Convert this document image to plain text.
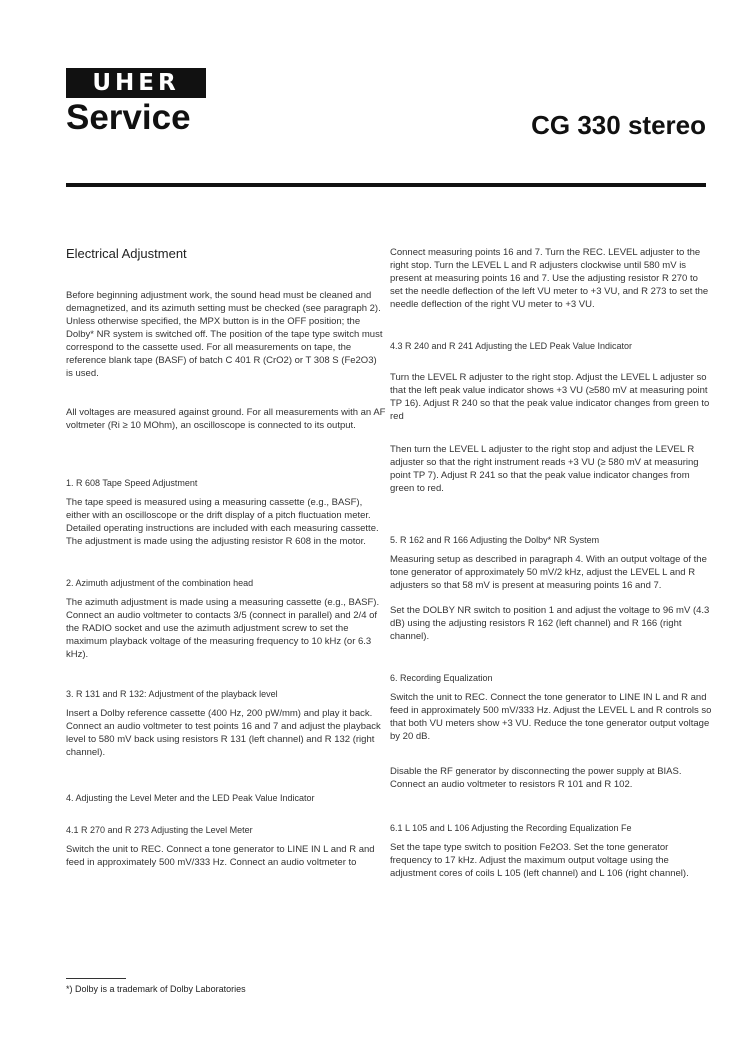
UHER
Service	CG 330 stereo
Electrical Adjustment

Before beginning adjustment work, the sound head must be cleaned and demagnetized, and its azimuth setting must be checked (see paragraph 2). Unless otherwise specified, the MPX button is in the OFF position; the Dolby* NR system is switched off. The position of the tape type switch must correspond to the cassette used. For all measurements on tape, the reference blank tape (BASF) of batch C 401 R (CrO2) or T 308 S (Fe2O3) is used.

All voltages are measured against ground. For all measurements with an AF voltmeter (Ri ≥ 10 MOhm), an oscilloscope is connected to its output.

1. R 608 Tape Speed Adjustment

The tape speed is measured using a measuring cassette (e.g., BASF), either with an oscilloscope or the drift display of a pitch fluctuation meter. Detailed operating instructions are included with each measuring cassette. The adjustment is made using the adjusting resistor R 608 in the motor.

2. Azimuth adjustment of the combination head

The azimuth adjustment is made using a measuring cassette (e.g., BASF). Connect an audio voltmeter to contacts 3/5 (connect in parallel) and 2/4 of the RADIO socket and use the azimuth adjustment screw to set the maximum playback voltage of the measuring frequency to 10 kHz (or 6.3 kHz).

3. R 131 and R 132: Adjustment of the playback level

Insert a Dolby reference cassette (400 Hz, 200 pW/mm) and play it back. Connect an audio voltmeter to test points 16 and 7 and adjust the playback level to 580 mV back using resistors R 131 (left channel) and R 132 (right channel).

4. Adjusting the Level Meter and the LED Peak Value Indicator
4.1 R 270 and R 273 Adjusting the Level Meter

Switch the unit to REC. Connect a tone generator to LINE IN L and R and feed in approximately 500 mV/333 Hz. Connect an audio voltmeter to

Connect measuring points 16 and 7. Turn the REC. LEVEL adjuster to the right stop. Turn the LEVEL L and R adjusters clockwise until 580 mV is present at measuring points 16 and 7. Use the adjusting resistor R 270 to set the needle deflection of the left VU meter to +3 VU, and R 273 to set the needle deflection of the right VU meter to +3 VU.

4.3 R 240 and R 241 Adjusting the LED Peak Value Indicator

Turn the LEVEL R adjuster to the right stop. Adjust the LEVEL L adjuster so that the left peak value indicator shows +3 VU (≥580 mV at measuring point TP 16). Adjust R 240 so that the peak value indicator changes from green to red

Then turn the LEVEL L adjuster to the right stop and adjust the LEVEL R adjuster so that the right instrument reads +3 VU (≥ 580 mV at measuring point TP 7). Adjust R 241 so that the peak value indicator changes from green to red.

5. R 162 and R 166 Adjusting the Dolby* NR System

Measuring setup as described in paragraph 4. With an output voltage of the tone generator of approximately 50 mV/2 kHz, adjust the LEVEL L and R adjusters so that 58 mV is present at measuring points 16 and 7.

Set the DOLBY NR switch to position 1 and adjust the voltage to 96 mV (4.3 dB) using the adjusting resistors R 162 (left channel) and R 166 (right channel).

6. Recording Equalization

Switch the unit to REC. Connect the tone generator to LINE IN L and R and feed in approximately 500 mV/333 Hz. Adjust the LEVEL L and R controls so that both VU meters show +3 VU. Reduce the tone generator output voltage by 20 dB.

Disable the RF generator by disconnecting the power supply at BIAS. Connect an audio voltmeter to resistors R 101 and R 102.

6.1 L 105 and L 106 Adjusting the Recording Equalization Fe

Set the tape type switch to position Fe2O3. Set the tone generator frequency to 17 kHz. Adjust the maximum output voltage using the adjustment cores of coils L 105 (left channel) and L 106 (right channel).

*) Dolby is a trademark of Dolby Laboratories
